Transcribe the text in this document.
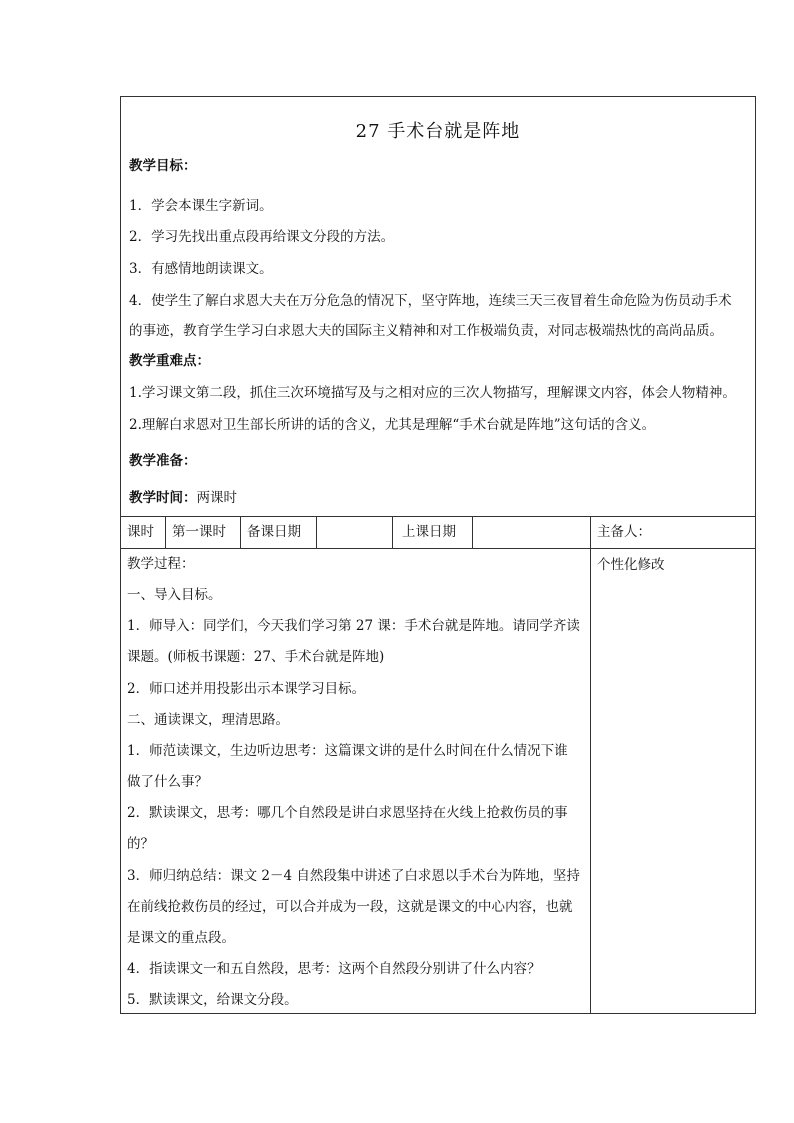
27 手术台就是阵地
教学目标：
1．学会本课生字新词。
2．学习先找出重点段再给课文分段的方法。
3．有感情地朗读课文。
4．使学生了解白求恩大夫在万分危急的情况下，坚守阵地，连续三天三夜冒着生命危险为伤员动手术
的事迹，教育学生学习白求恩大夫的国际主义精神和对工作极端负责，对同志极端热忱的高尚品质。
教学重难点：
1.学习课文第二段，抓住三次环境描写及与之相对应的三次人物描写，理解课文内容，体会人物精神。
2.理解白求恩对卫生部长所讲的话的含义，尤其是理解“手术台就是阵地”这句话的含义。
教学准备：
教学时间：两课时
课时 第一课时 备课日期	上课日期	主备人：
教学过程：
一、导入目标。
1．师导入：同学们，今天我们学习第 27 课：手术台就是阵地。请同学齐读
课题。(师板书课题：27、手术台就是阵地)
2．师口述并用投影出示本课学习目标。
二、通读课文，理清思路。
1．师范读课文，生边听边思考：这篇课文讲的是什么时间在什么情况下谁
做了什么事？
2．默读课文，思考：哪几个自然段是讲白求恩坚持在火线上抢救伤员的事
的？
3．师归纳总结：课文 2－4 自然段集中讲述了白求恩以手术台为阵地，坚持
在前线抢救伤员的经过，可以合并成为一段，这就是课文的中心内容，也就
是课文的重点段。
4．指读课文一和五自然段，思考：这两个自然段分别讲了什么内容？
5．默读课文，给课文分段。
个性化修改
